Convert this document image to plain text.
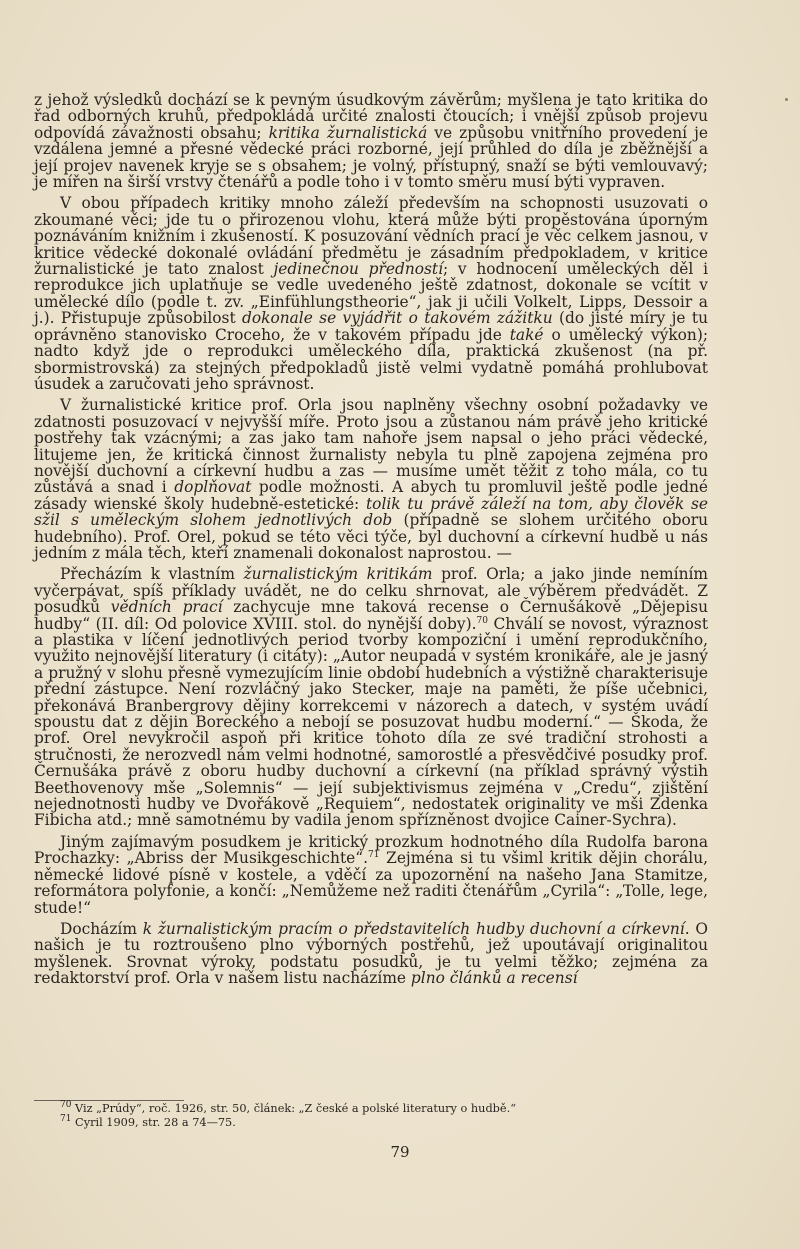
z jehož výsledků dochází se k pevným úsudkovým závěrům; myšlena je tato kritika do řad odborných kruhů, předpokládá určité znalosti čtoucích; i vnější způsob projevu odpovídá závažnosti obsahu; kritika žurnalistická ve způsobu vnitřního provedení je vzdálena jemné a přesné vědecké práci rozborné, její průhled do díla je zběžnější a její projev navenek kryje se s obsahem; je volný, přístupný, snaží se býti vemlouvavý; je mířen na širší vrstvy čtenářů a podle toho i v tomto směru musí býti vypraven.

V obou případech kritiky mnoho záleží především na schopnosti usuzovati o zkoumané věci; jde tu o přirozenou vlohu, která může býti propěstována úporným poznáváním knižním i zkušeností. K posuzování vědních prací je věc celkem jasnou, v kritice vědecké dokonalé ovládání předmětu je zásadním předpokladem, v kritice žurnalistické je tato znalost jedinečnou předností; v hodnocení uměleckých děl i reprodukce jich uplatňuje se vedle uvedeného ještě zdatnost, dokonale se vcítit v umělecké dílo (podle t. zv. „Einfühlungstheorie“, jak ji učili Volkelt, Lipps, Dessoir a j.). Přistupuje způsobilost dokonale se vyjádřit o takovém zážitku (do jisté míry je tu oprávněno stanovisko Croceho, že v takovém případu jde také o umělecký výkon); nadto když jde o reprodukci uměleckého díla, praktická zkušenost (na př. sbormistrovská) za stejných předpokladů jistě velmi vydatně pomáhá prohlubovat úsudek a zaručovati jeho správnost.

V žurnalistické kritice prof. Orla jsou naplněny všechny osobní požadavky ve zdatnosti posuzovací v nejvyšší míře. Proto jsou a zůstanou nám právě jeho kritické postřehy tak vzácnými; a zas jako tam nahoře jsem napsal o jeho práci vědecké, litujeme jen, že kritická činnost žurnalisty nebyla tu plně zapojena zejména pro novější duchovní a církevní hudbu a zas — musíme umět těžit z toho mála, co tu zůstává a snad i doplňovat podle možnosti. A abych tu promluvil ještě podle jedné zásady wienské školy hudebně-estetické: tolik tu právě záleží na tom, aby člověk se sžil s uměleckým slohem jednotlivých dob (případně se slohem určitého oboru hudebního). Prof. Orel, pokud se této věci týče, byl duchovní a církevní hudbě u nás jedním z mála těch, kteří znamenali dokonalost naprostou. —

Přecházím k vlastním žurnalistickým kritikám prof. Orla; a jako jinde nemíním vyčerpávat, spíš příklady uvádět, ne do celku shrnovat, ale výběrem předvádět. Z posudků vědních prací zachycuje mne taková recense o Černušákově „Dějepisu hudby“ (II. díl: Od polovice XVIII. stol. do nynější doby).$^{70}$ Chválí se novost, výraznost a plastika v líčení jednotlivých period tvorby kompoziční i umění reprodukčního, využito nejnovější literatury (i citáty): „Autor neupadá v systém kronikáře, ale je jasný a pružný v slohu přesně vymezujícím linie období hudebních a výstižně charakterisuje přední zástupce. Není rozvláčný jako Stecker, maje na paměti, že píše učebnici, překonává Branbergrovy dějiny korrekcemi v názorech a datech, v systém uvádí spoustu dat z dějin Boreckého a nebojí se posuzovat hudbu moderní.“ — Škoda, že prof. Orel nevykročil aspoň při kritice tohoto díla ze své tradiční strohosti a stručnosti, že nerozvedl nám velmi hodnotné, samorostlé a přesvědčivé posudky prof. Černušáka právě z oboru hudby duchovní a církevní (na příklad správný výstih Beethovenovy mše „Solemnis“ — její subjektivismus zejména v „Credu“, zjištění nejednotnosti hudby ve Dvořákově „Requiem“, nedostatek originality ve mši Zdenka Fibicha atd.; mně samotnému by vadila jenom spřízněnost dvojice Cainer-Sychra).

Jiným zajímavým posudkem je kritický prozkum hodnotného díla Rudolfa barona Prochazky: „Abriss der Musikgeschichte“.$^{71}$ Zejména si tu všiml kritik dějin chorálu, německé lidové písně v kostele, a vděčí za upozornění na našeho Jana Stamitze, reformátora polyfonie, a končí: „Nemůžeme než raditi čtenářům „Cyrila“: „Tolle, lege, stude!“

Docházím k žurnalistickým pracím o představitelích hudby duchovní a církevní. O našich je tu roztroušeno plno výborných postřehů, jež upoutávají originalitou myšlenek. Srovnat výroky, podstatu posudků, je tu velmi těžko; zejména za redaktorství prof. Orla v našem listu nacházíme plno článků a recensí

$^{70}$ Viz „Prúdy“, roč. 1926, str. 50, článek: „Z české a polské literatury o hudbě.“
$^{71}$ Cyril 1909, str. 28 a 74—75.
79
